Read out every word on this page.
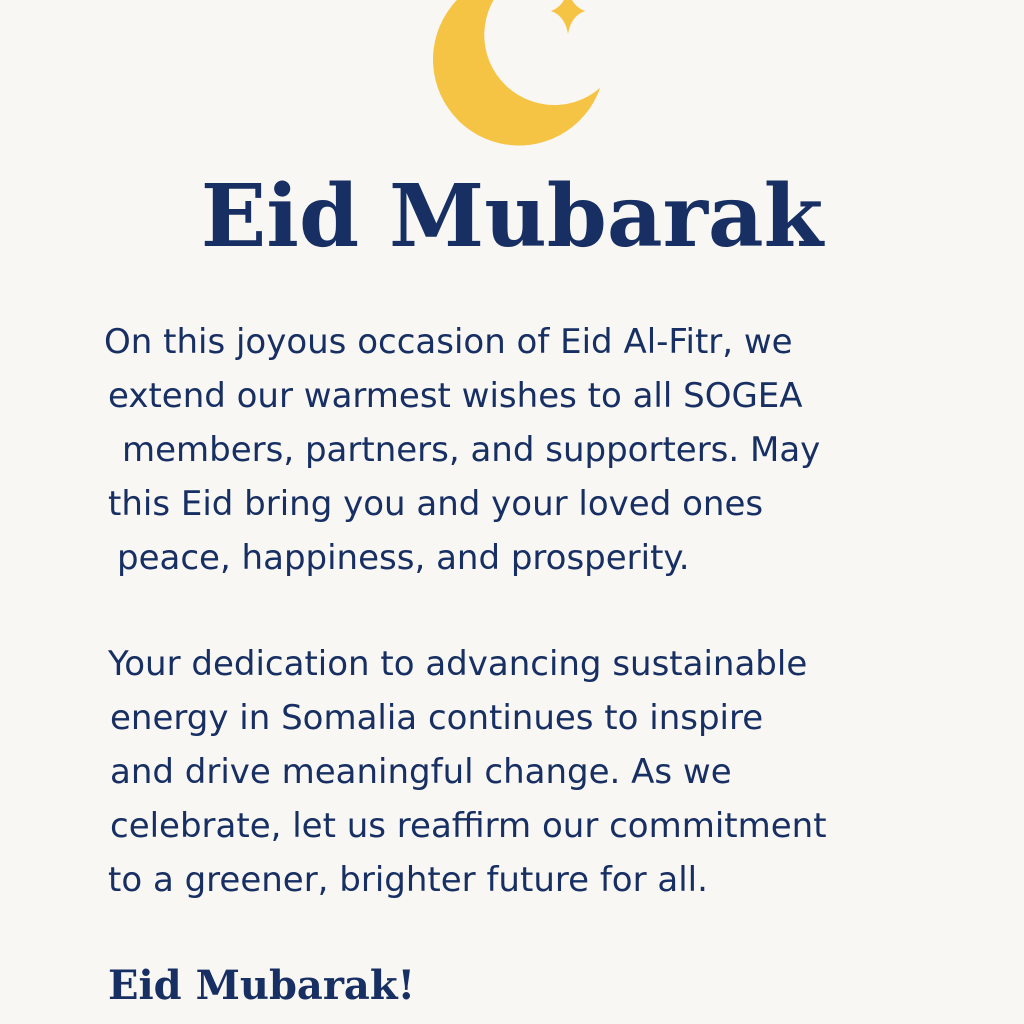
Eid Mubarak
On this joyous occasion of Eid Al-Fitr, we
extend our warmest wishes to all SOGEA
members, partners, and supporters. May
this Eid bring you and your loved ones
peace, happiness, and prosperity.
Your dedication to advancing sustainable
energy in Somalia continues to inspire
and drive meaningful change. As we
celebrate, let us reaffirm our commitment
to a greener, brighter future for all.
Eid Mubarak!
